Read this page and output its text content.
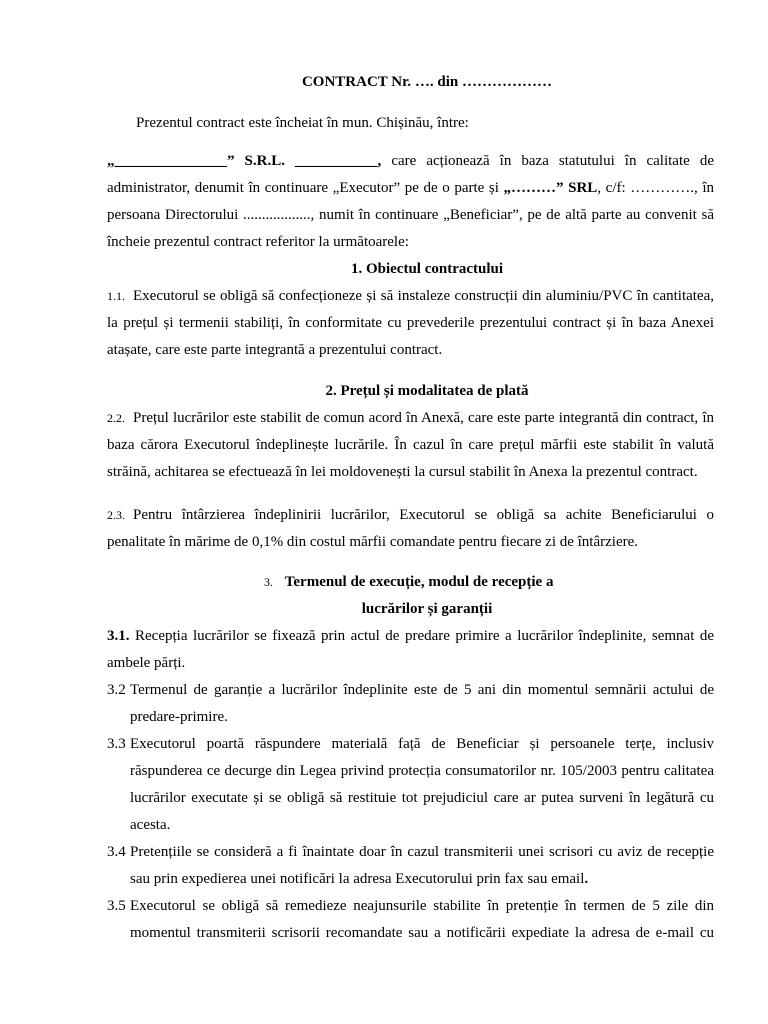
CONTRACT Nr. …. din ………………
Prezentul contract este încheiat în mun. Chișinău, între:
„_______________” S.R.L. ___________, care acționează în baza statutului în calitate de
administrator, denumit în continuare „Executor” pe de o parte și „………” SRL, c/f: …………., în
persoana Directorului .................., numit în continuare „Beneficiar”, pe de altă parte au convenit să
încheie prezentul contract referitor la următoarele:
1. Obiectul contractului
1.1. Executorul se obligă să confecționeze și să instaleze construcții din aluminiu/PVC în cantitatea,
la prețul și termenii stabiliți, în conformitate cu prevederile prezentului contract și în baza Anexei
atașate, care este parte integrantă a prezentului contract.
2. Prețul și modalitatea de plată
2.2. Prețul lucrărilor este stabilit de comun acord în Anexă, care este parte integrantă din contract, în
baza cărora Executorul îndeplinește lucrările. În cazul în care prețul mărfii este stabilit în valută
străină, achitarea se efectuează în lei moldovenești la cursul stabilit în Anexa la prezentul contract.
2.3. Pentru întârzierea îndeplinirii lucrărilor, Executorul se obligă sa achite Beneficiarului o
penalitate în mărime de 0,1% din costul mărfii comandate pentru fiecare zi de întârziere.
3. Termenul de execuție, modul de recepție a
lucrărilor și garanții
3.1. Recepția lucrărilor se fixează prin actul de predare primire a lucrărilor îndeplinite, semnat de
ambele părți.
3.2 Termenul de garanție a lucrărilor îndeplinite este de 5 ani din momentul semnării actului de
predare-primire.
3.3 Executorul poartă răspundere materială față de Beneficiar și persoanele terțe, inclusiv
răspunderea ce decurge din Legea privind protecția consumatorilor nr. 105/2003 pentru calitatea
lucrărilor executate și se obligă să restituie tot prejudiciul care ar putea surveni în legătură cu
acesta.
3.4 Pretențiile se consideră a fi înaintate doar în cazul transmiterii unei scrisori cu aviz de recepție
sau prin expedierea unei notificări la adresa Executorului prin fax sau email.
3.5 Executorul se obligă să remedieze neajunsurile stabilite în pretenție în termen de 5 zile din
momentul transmiterii scrisorii recomandate sau a notificării expediate la adresa de e-mail cu
